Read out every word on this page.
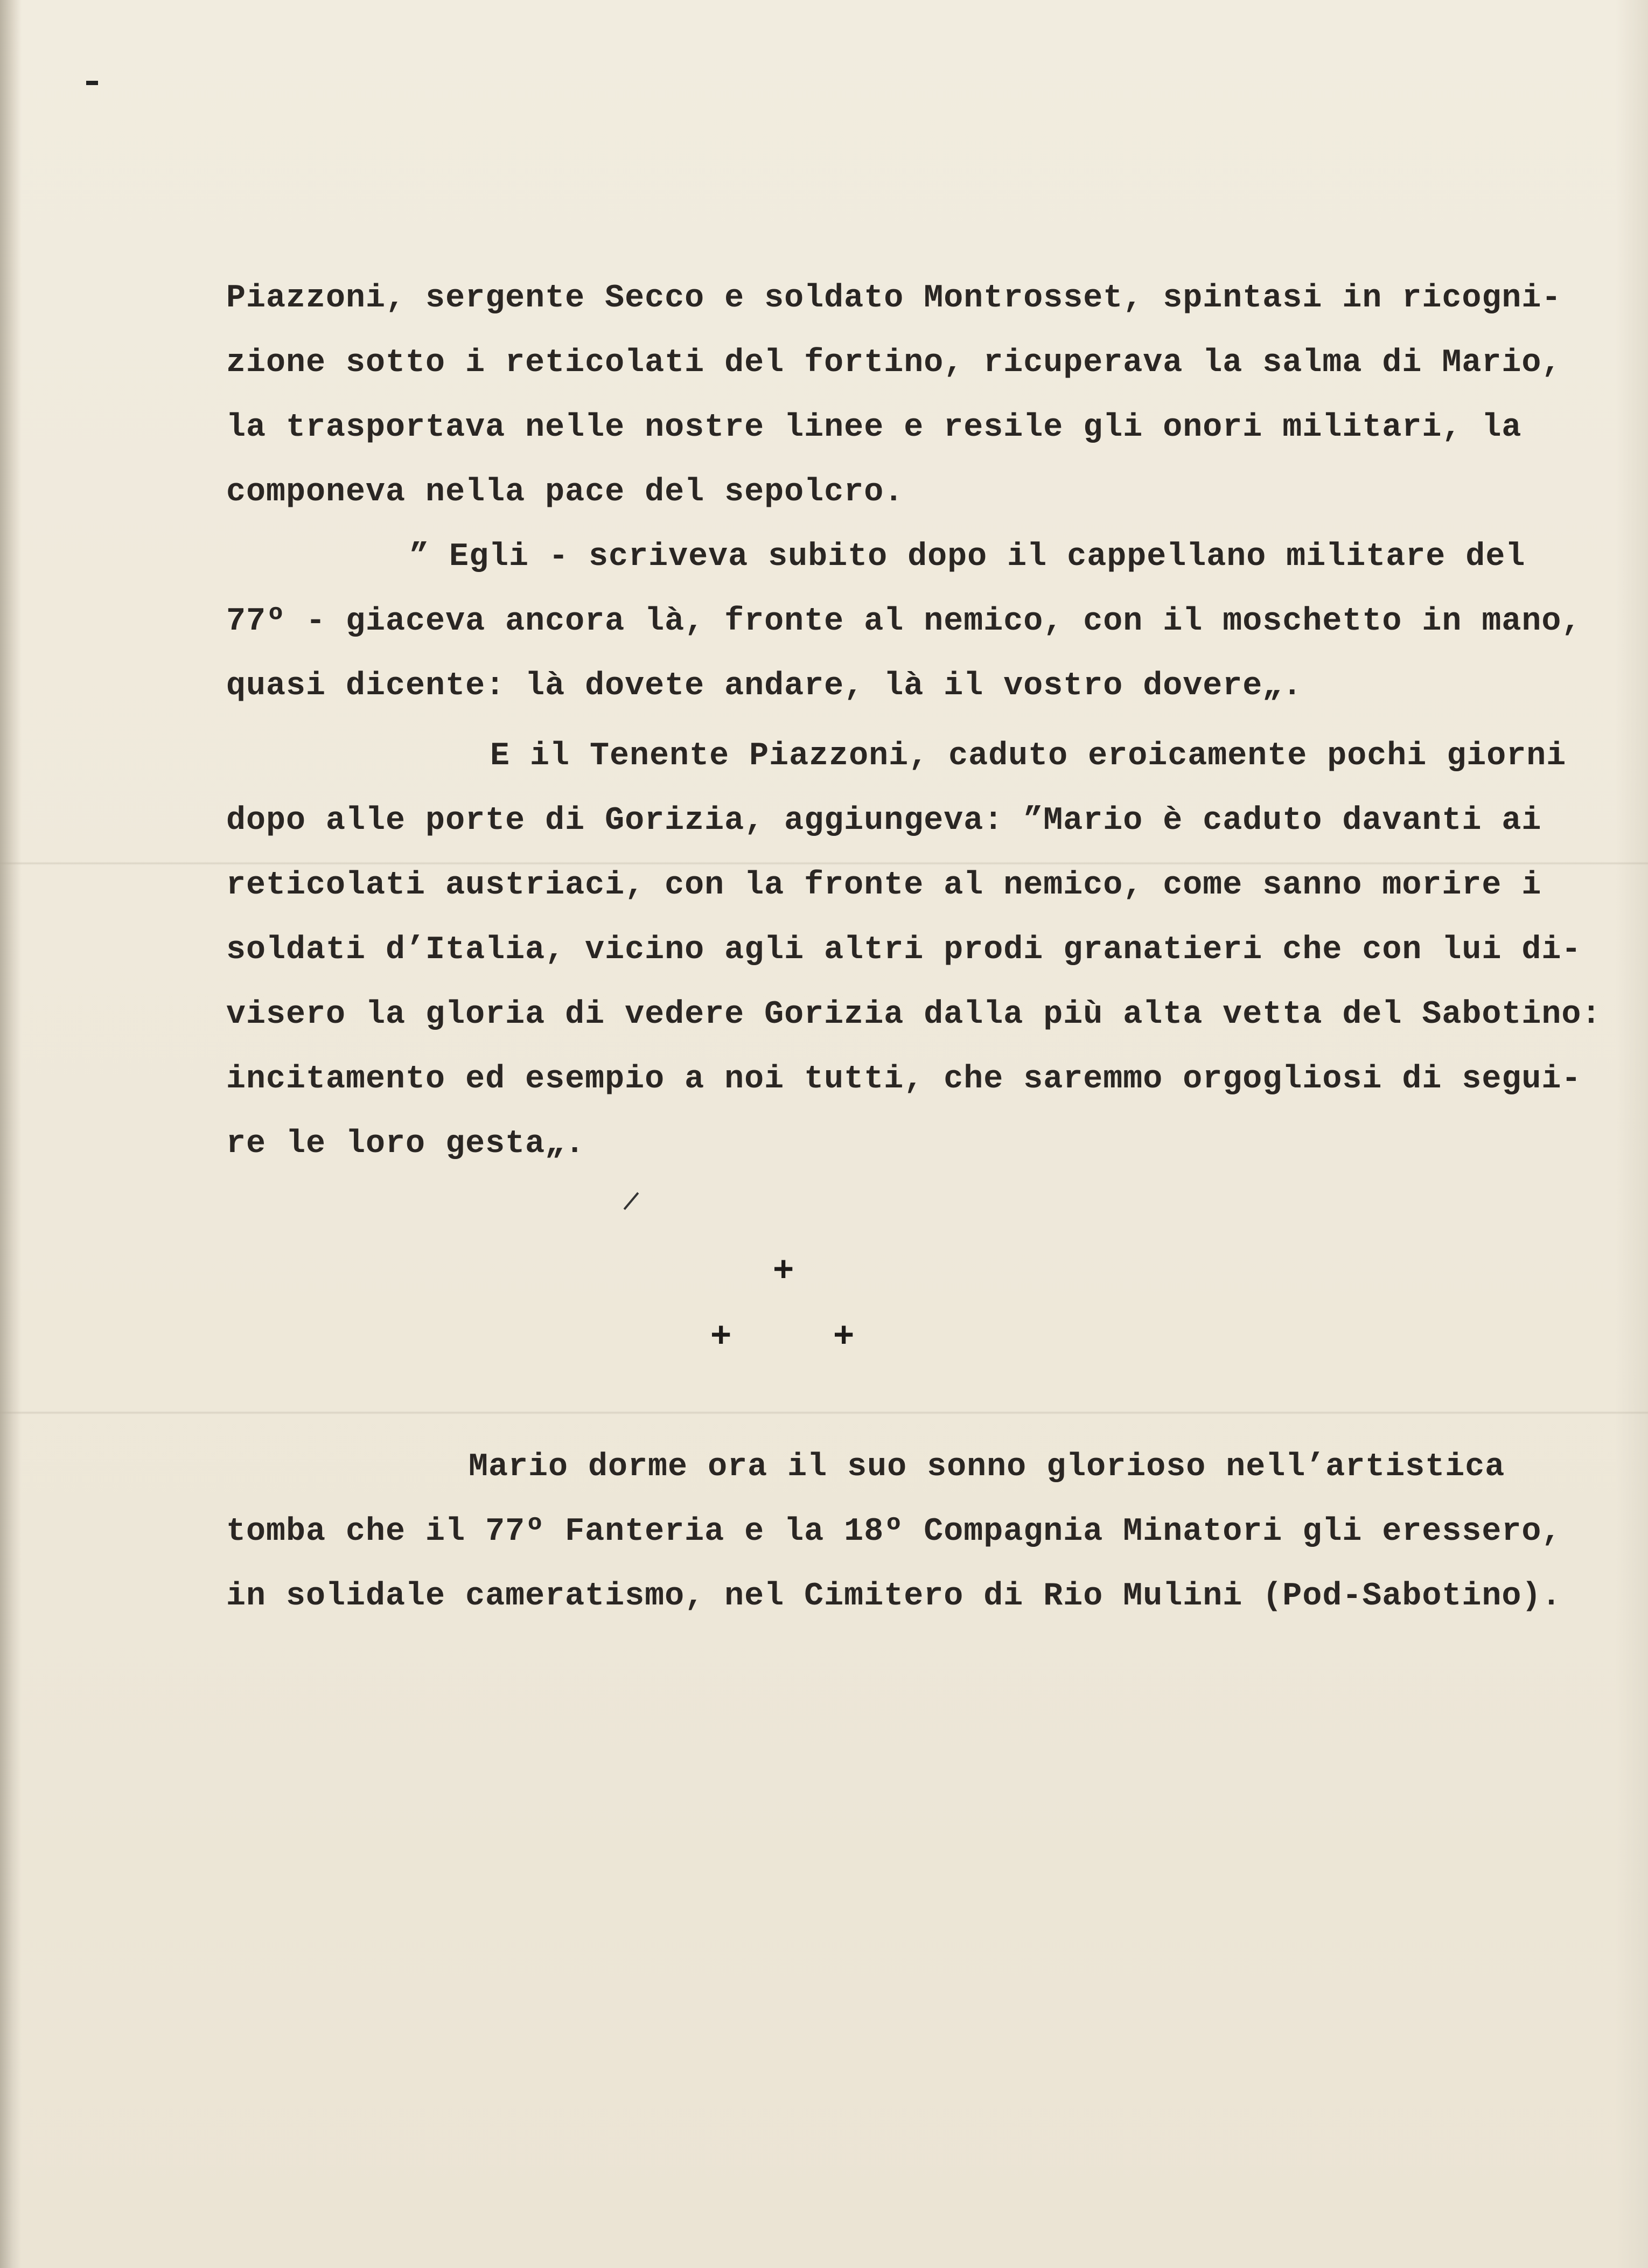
Piazzoni, sergente Secco e soldato Montrosset, spintasi in ricogni-
zione sotto i reticolati del fortino, ricuperava la salma di Mario,
la trasportava nelle nostre linee e resile gli onori militari, la
componeva nella pace del sepolcro.
” Egli - scriveva subito dopo il cappellano militare del
77º - giaceva ancora là, fronte al nemico, con il moschetto in mano,
quasi dicente: là dovete andare, là il vostro dovere„.
E il Tenente Piazzoni, caduto eroicamente pochi giorni
dopo alle porte di Gorizia, aggiungeva: ”Mario è caduto davanti ai
reticolati austriaci, con la fronte al nemico, come sanno morire i
soldati d’Italia, vicino agli altri prodi granatieri che con lui di-
visero la gloria di vedere Gorizia dalla più alta vetta del Sabotino:
incitamento ed esempio a noi tutti, che saremmo orgogliosi di segui-
re le loro gesta„.
+
+	+
Mario dorme ora il suo sonno glorioso nell’artistica
tomba che il 77º Fanteria e la 18º Compagnia Minatori gli eressero,
in solidale cameratismo, nel Cimitero di Rio Mulini (Pod-Sabotino).
